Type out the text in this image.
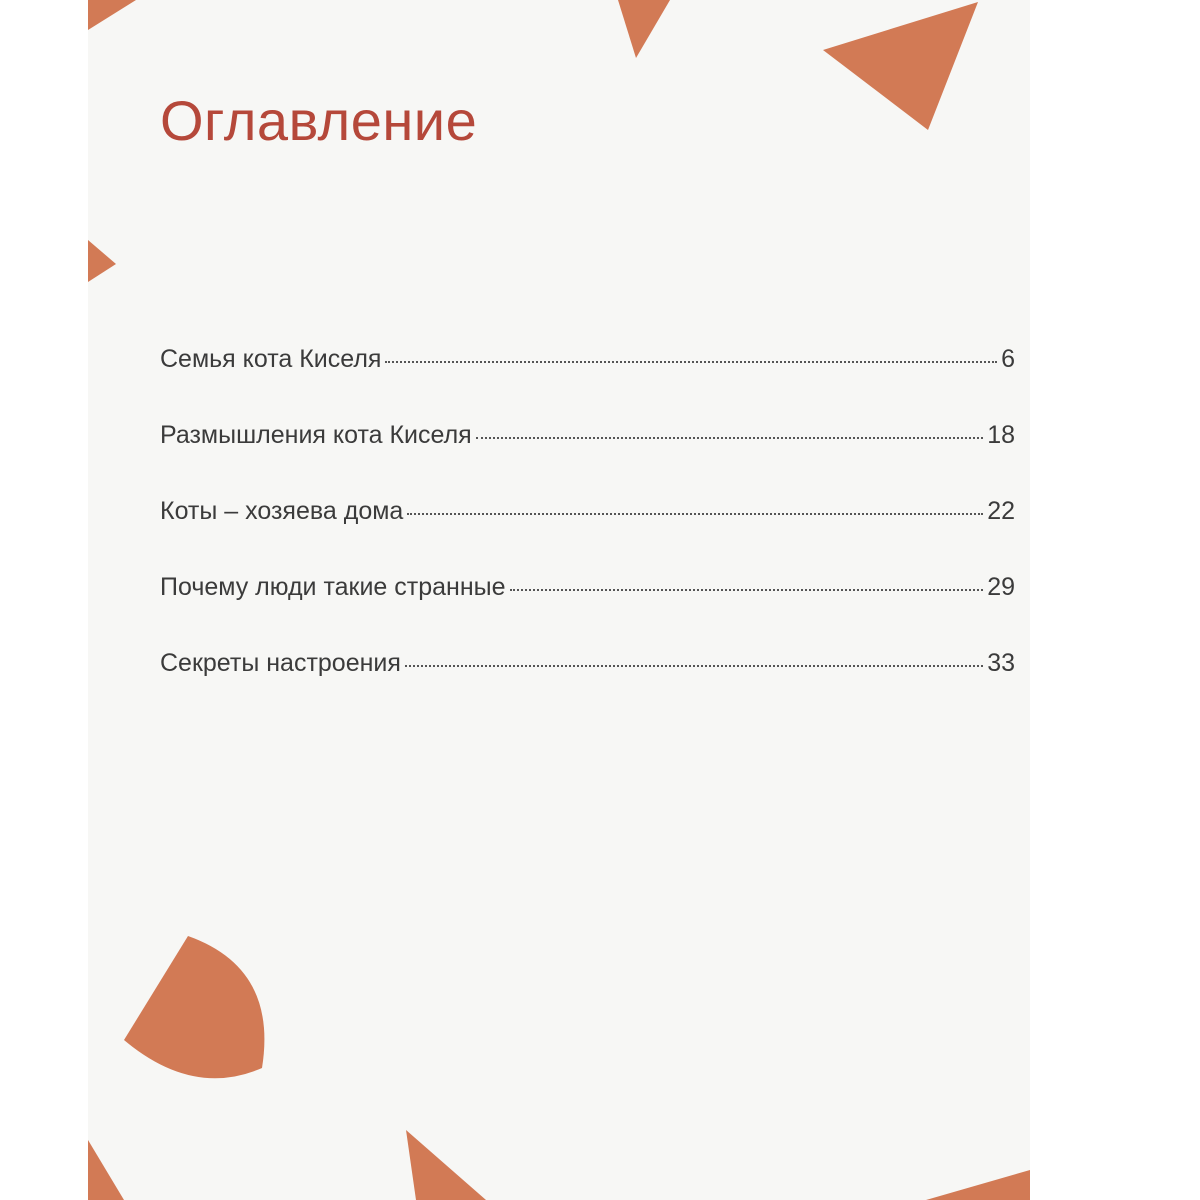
Оглавление
Семья кота Киселя	6
Размышления кота Киселя	18
Коты – хозяева дома	22
Почему люди такие странные	29
Секреты настроения	33
